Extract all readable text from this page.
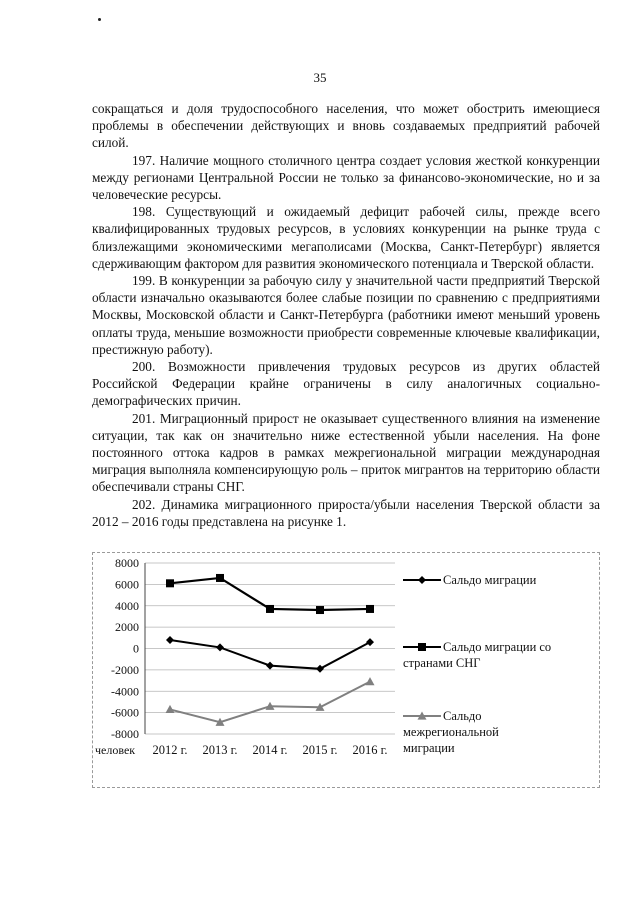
35

сокращаться и доля трудоспособного населения, что может обострить имеющиеся проблемы в обеспечении действующих и вновь создаваемых предприятий рабочей силой.

197. Наличие мощного столичного центра создает условия жесткой конкуренции между регионами Центральной России не только за финансово-экономические, но и за человеческие ресурсы.

198. Существующий и ожидаемый дефицит рабочей силы, прежде всего квалифицированных трудовых ресурсов, в условиях конкуренции на рынке труда с близлежащими экономическими мегаполисами (Москва, Санкт-Петербург) является сдерживающим фактором для развития экономического потенциала и Тверской области.

199. В конкуренции за рабочую силу у значительной части предприятий Тверской области изначально оказываются более слабые позиции по сравнению с предприятиями Москвы, Московской области и Санкт-Петербурга (работники имеют меньший уровень оплаты труда, меньшие возможности приобрести современные ключевые квалификации, престижную работу).

200. Возможности привлечения трудовых ресурсов из других областей Российской Федерации крайне ограничены в силу аналогичных социально-демографических причин.

201. Миграционный прирост не оказывает существенного влияния на изменение ситуации, так как он значительно ниже естественной убыли населения. На фоне постоянного оттока кадров в рамках межрегиональной миграции международная миграция выполняла компенсирующую роль – приток мигрантов на территорию области обеспечивали страны СНГ.

202. Динамика миграционного прироста/убыли населения Тверской области за 2012 – 2016 годы представлена на рисунке 1.

8000
6000
4000
2000
0
-2000
-4000
-6000
-8000
человек 2012 г. 2013 г. 2014 г. 2015 г. 2016 г.
Сальдо миграции
Сальдо миграции со странами СНГ
Сальдо межрегиональной миграции
